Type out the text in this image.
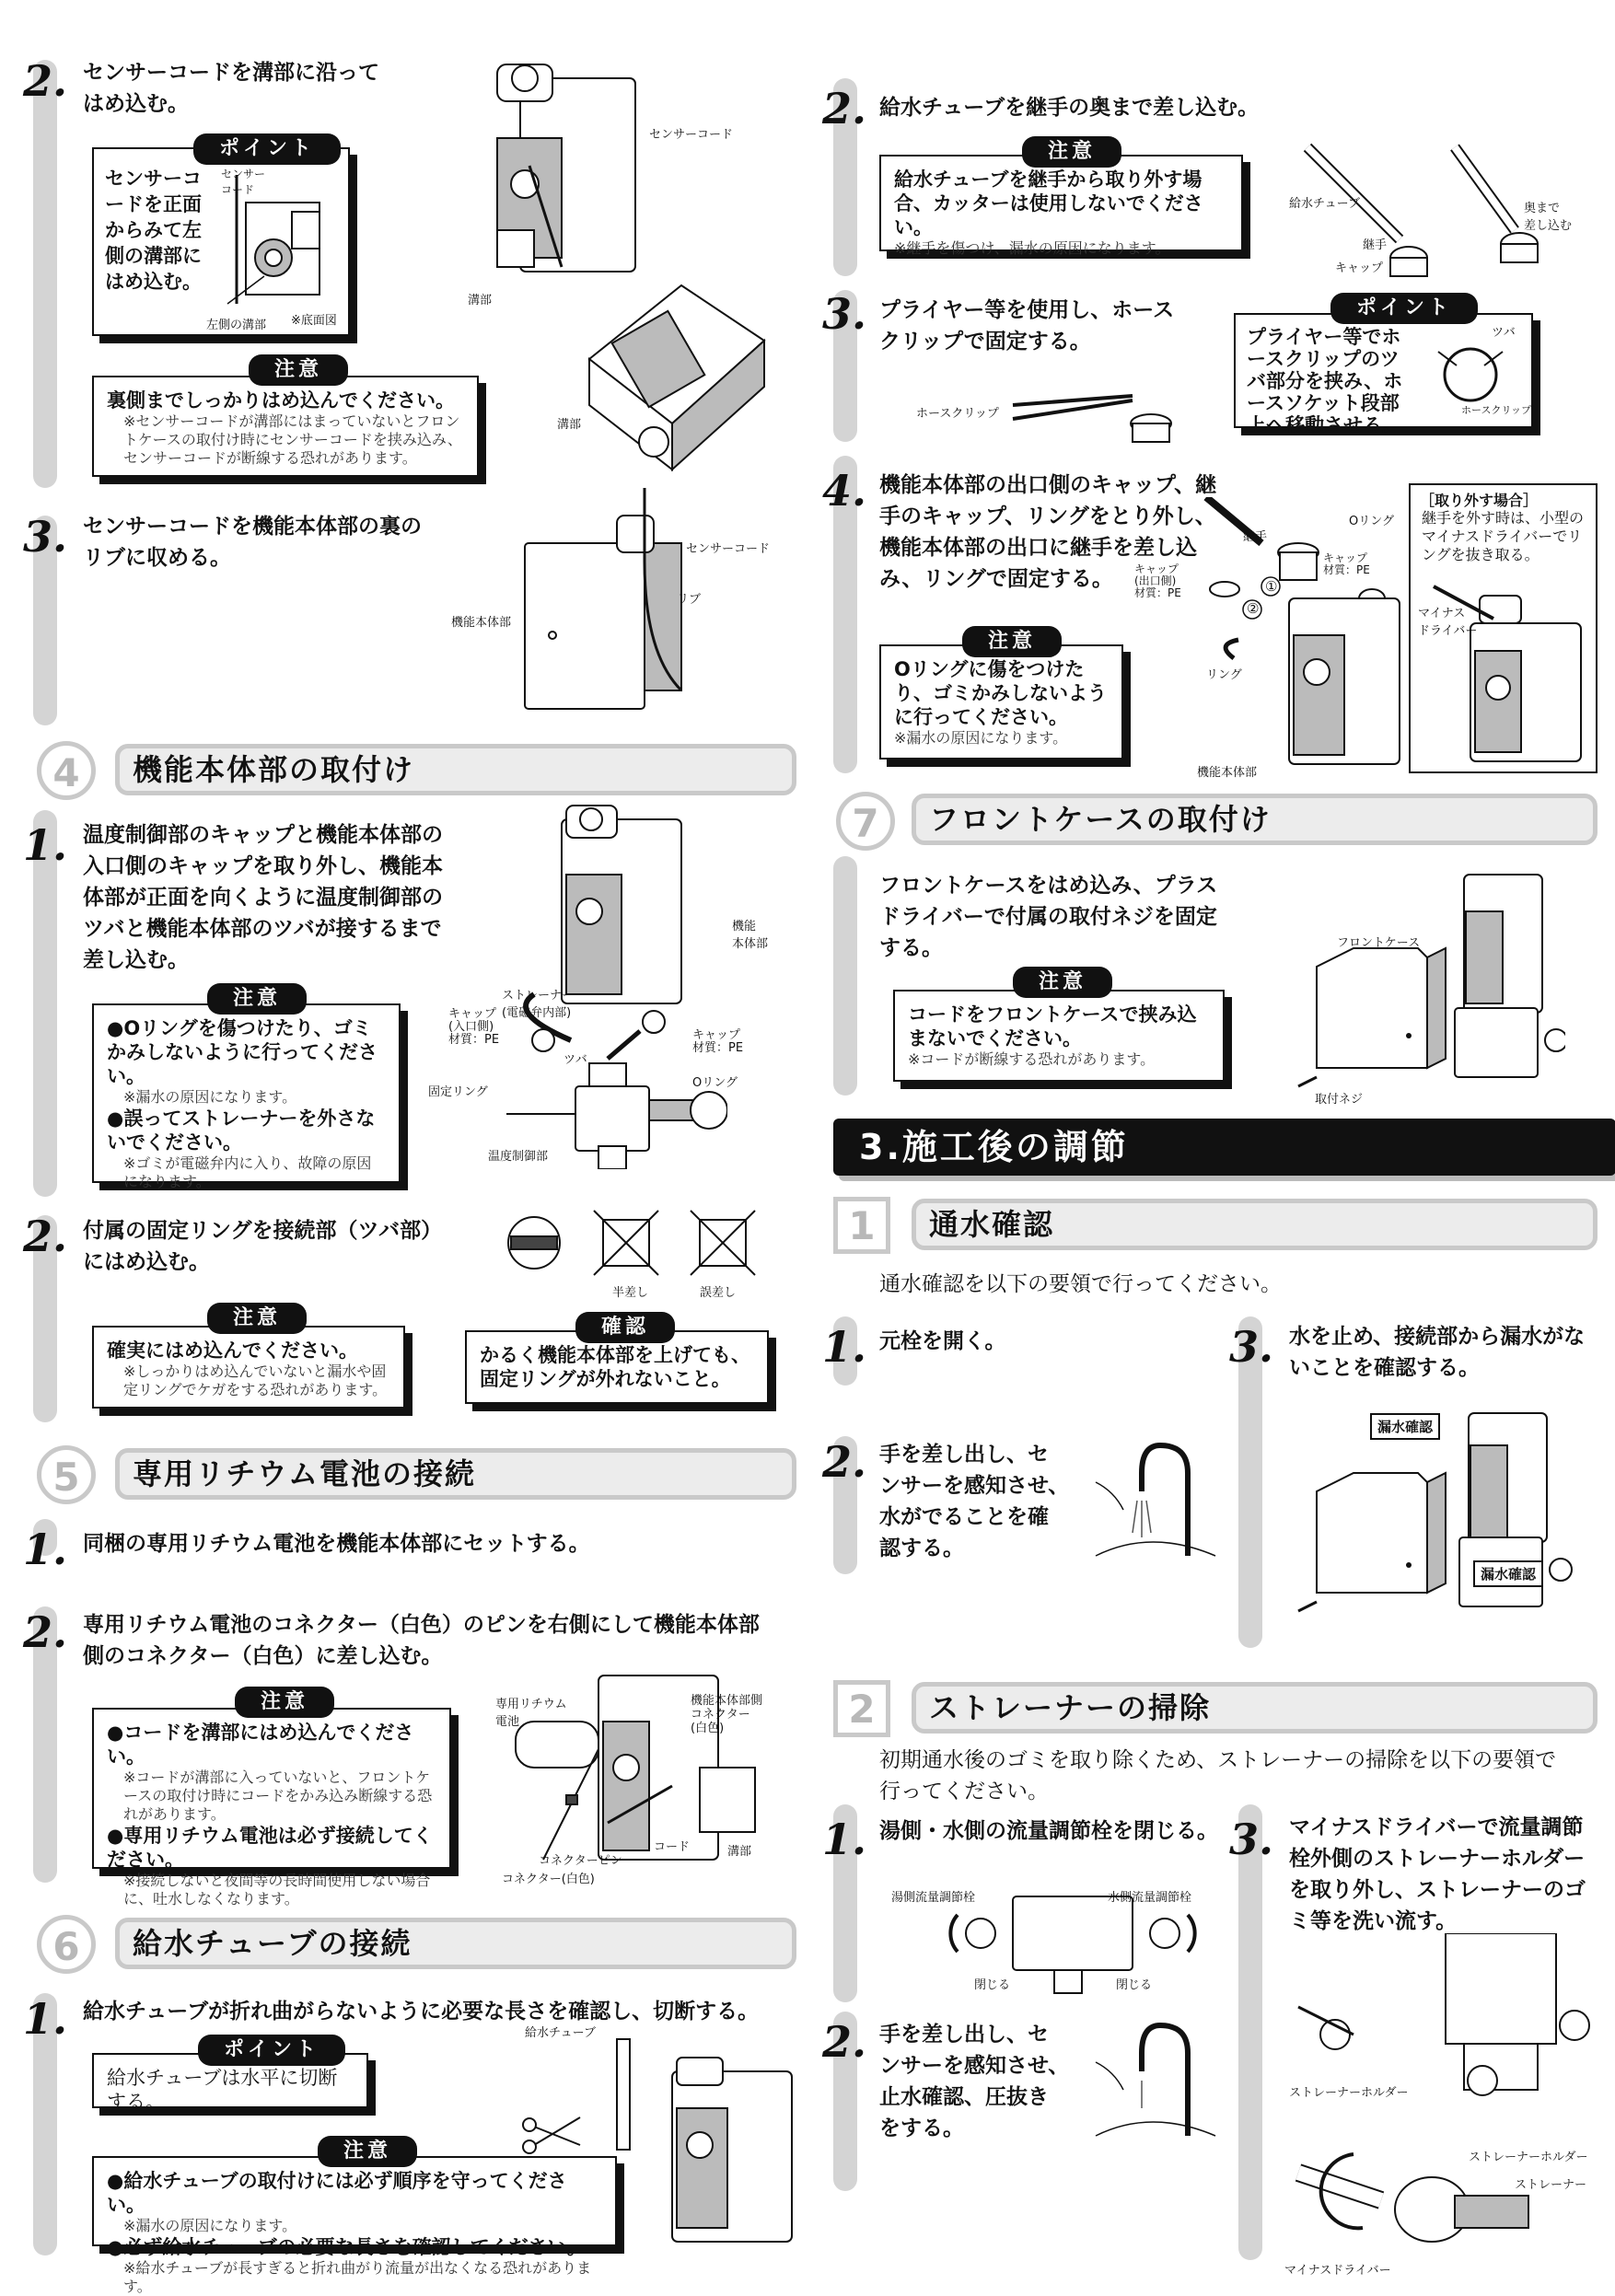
2. センサーコードを溝部に沿って
はめ込む。
センサーコードを正面からみて左側の溝部にはめ込む。
センサー
コード
左側の溝部 ※底面図
ポイント
裏側までしっかりはめ込んでください。
※センサーコードが溝部にはまっていないとフロントケースの取付け時にセンサーコードを挟み込み、センサーコードが断線する恐れがあります。
注意
センサーコード
溝部
溝部
3. センサーコードを機能本体部の裏の
リブに収める。	センサーコード
リブ
機能本体部
4	機能本体部の取付け
1. 温度制御部のキャップと機能本体部の
入口側のキャップを取り外し、機能本
体部が正面を向くように温度制御部の
ツバと機能本体部のツバが接するまで
差し込む。
●Oリングを傷つけたり、ゴミかみしないように行ってください。
※漏水の原因になります。
●誤ってストレーナーを外さないでください。
※ゴミが電磁弁内に入り、故障の原因になります。
注意
機能
本体部
ストレーナー
(電磁弁内部)
キャップ
(入口側)
材質：PE
ツバ
キャップ
材質：PE
Oリング
固定リング
温度制御部
2. 付属の固定リングを接続部（ツバ部）
にはめ込む。
半差し	誤差し
確実にはめ込んでください。
※しっかりはめ込んでいないと漏水や固定リングでケガをする恐れがあります。
注意
かるく機能本体部を上げても、固定リングが外れないこと。
確認
5	専用リチウム電池の接続
1. 同梱の専用リチウム電池を機能本体部にセットする。
2. 専用リチウム電池のコネクター（白色）のピンを右側にして機能本体部
側のコネクター（白色）に差し込む。
●コードを溝部にはめ込んでください。
※コードが溝部に入っていないと、フロントケースの取付け時にコードをかみ込み断線する恐れがあります。
●専用リチウム電池は必ず接続してください。
※接続しないと夜間等の長時間使用しない場合に、吐水しなくなります。
注意	専用リチウム
電池
機能本体部側
コネクター
(白色)
コネクターピン
コネクター(白色)
コード	溝部
6	給水チューブの接続
1. 給水チューブが折れ曲がらないように必要な長さを確認し、切断する。
給水チューブは水平に切断する。
ポイント
●給水チューブの取付けには必ず順序を守ってください。
※漏水の原因になります。
●必ず給水チューブの必要な長さを確認してください。
※給水チューブが長すぎると折れ曲がり流量が出なくなる恐れがあります。
注意
給水チューブ
2. 給水チューブを継手の奥まで差し込む。
給水チューブを継手から取り外す場合、カッターは使用しないでください。
※継手を傷つけ、漏水の原因になります。
注意
給水チューブ
継手
キャップ
奥まで
差し込む
3. プライヤー等を使用し、ホース
クリップで固定する。
ホースクリップ
プライヤー等でホースクリップのツバ部分を挟み、ホースソケット段部上へ移動させる。
ツバ
ホースクリップ
ポイント
4. 機能本体部の出口側のキャップ、継
手のキャップ、リングをとり外し、
機能本体部の出口に継手を差し込
み、リングで固定する。
Oリングに傷をつけたり、ゴミかみしないように行ってください。
※漏水の原因になります。
注意
継手
Oリング
キャップ
(出口側)
材質：PE
キャップ
材質：PE
①
②
リング
機能本体部
［取り外す場合］
継手を外す時は、小型のマイナスドライバーでリングを抜き取る。
マイナス
ドライバー
7	フロントケースの取付け
フロントケースをはめ込み、プラス
ドライバーで付属の取付ネジを固定
する。
コードをフロントケースで挟み込まないでください。
※コードが断線する恐れがあります。
注意
フロントケース
取付ネジ
3.施工後の調節
1	通水確認
通水確認を以下の要領で行ってください。
1. 元栓を開く。
2. 手を差し出し、セ
ンサーを感知させ、
水がでることを確
認する。
3. 水を止め、接続部から漏水がな
いことを確認する。
漏水確認
漏水確認
2	ストレーナーの掃除
初期通水後のゴミを取り除くため、ストレーナーの掃除を以下の要領で
行ってください。
1. 湯側・水側の流量調節栓を閉じる。
湯側流量調節栓	水側流量調節栓
閉じる	閉じる
2. 手を差し出し、セ
ンサーを感知させ、
止水確認、圧抜き
をする。
3. マイナスドライバーで流量調節
栓外側のストレーナーホルダー
を取り外し、ストレーナーのゴ
ミ等を洗い流す。
ストレーナーホルダー
ストレーナーホルダー
ストレーナー
マイナスドライバー
